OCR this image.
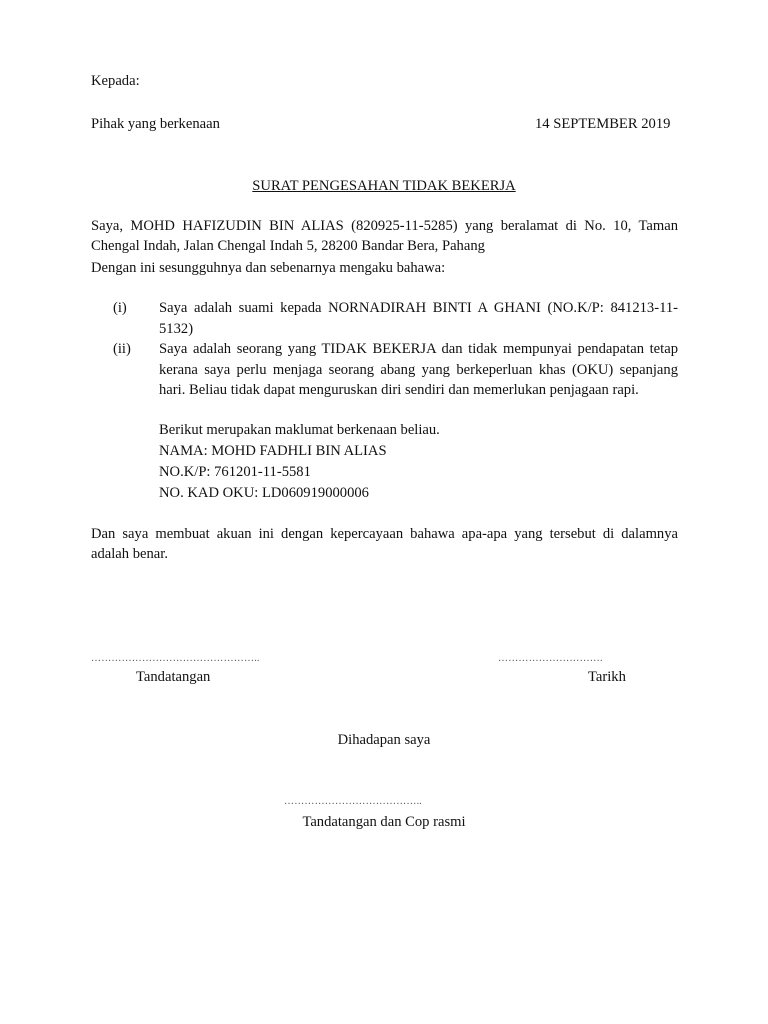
Kepada:
Pihak yang berkenaan	14 SEPTEMBER 2019
SURAT PENGESAHAN TIDAK BEKERJA
Saya, MOHD HAFIZUDIN BIN ALIAS (820925-11-5285) yang beralamat di No. 10, Taman Chengal Indah, Jalan Chengal Indah 5, 28200 Bandar Bera, Pahang
Dengan ini sesungguhnya dan sebenarnya mengaku bahawa:
(i) Saya adalah suami kepada NORNADIRAH BINTI A GHANI (NO.K/P: 841213-11-5132)
(ii) Saya adalah seorang yang TIDAK BEKERJA dan tidak mempunyai pendapatan tetap kerana saya perlu menjaga seorang abang yang berkeperluan khas (OKU) sepanjang hari. Beliau tidak dapat menguruskan diri sendiri dan memerlukan penjagaan rapi.
Berikut merupakan maklumat berkenaan beliau.
NAMA: MOHD FADHLI BIN ALIAS
NO.K/P: 761201-11-5581
NO. KAD OKU: LD060919000006
Dan saya membuat akuan ini dengan kepercayaan bahawa apa-apa yang tersebut di dalamnya adalah benar.
…………………………………………..	………………………….
Tandatangan	Tarikh
Dihadapan saya
…………………………………..
Tandatangan dan Cop rasmi
